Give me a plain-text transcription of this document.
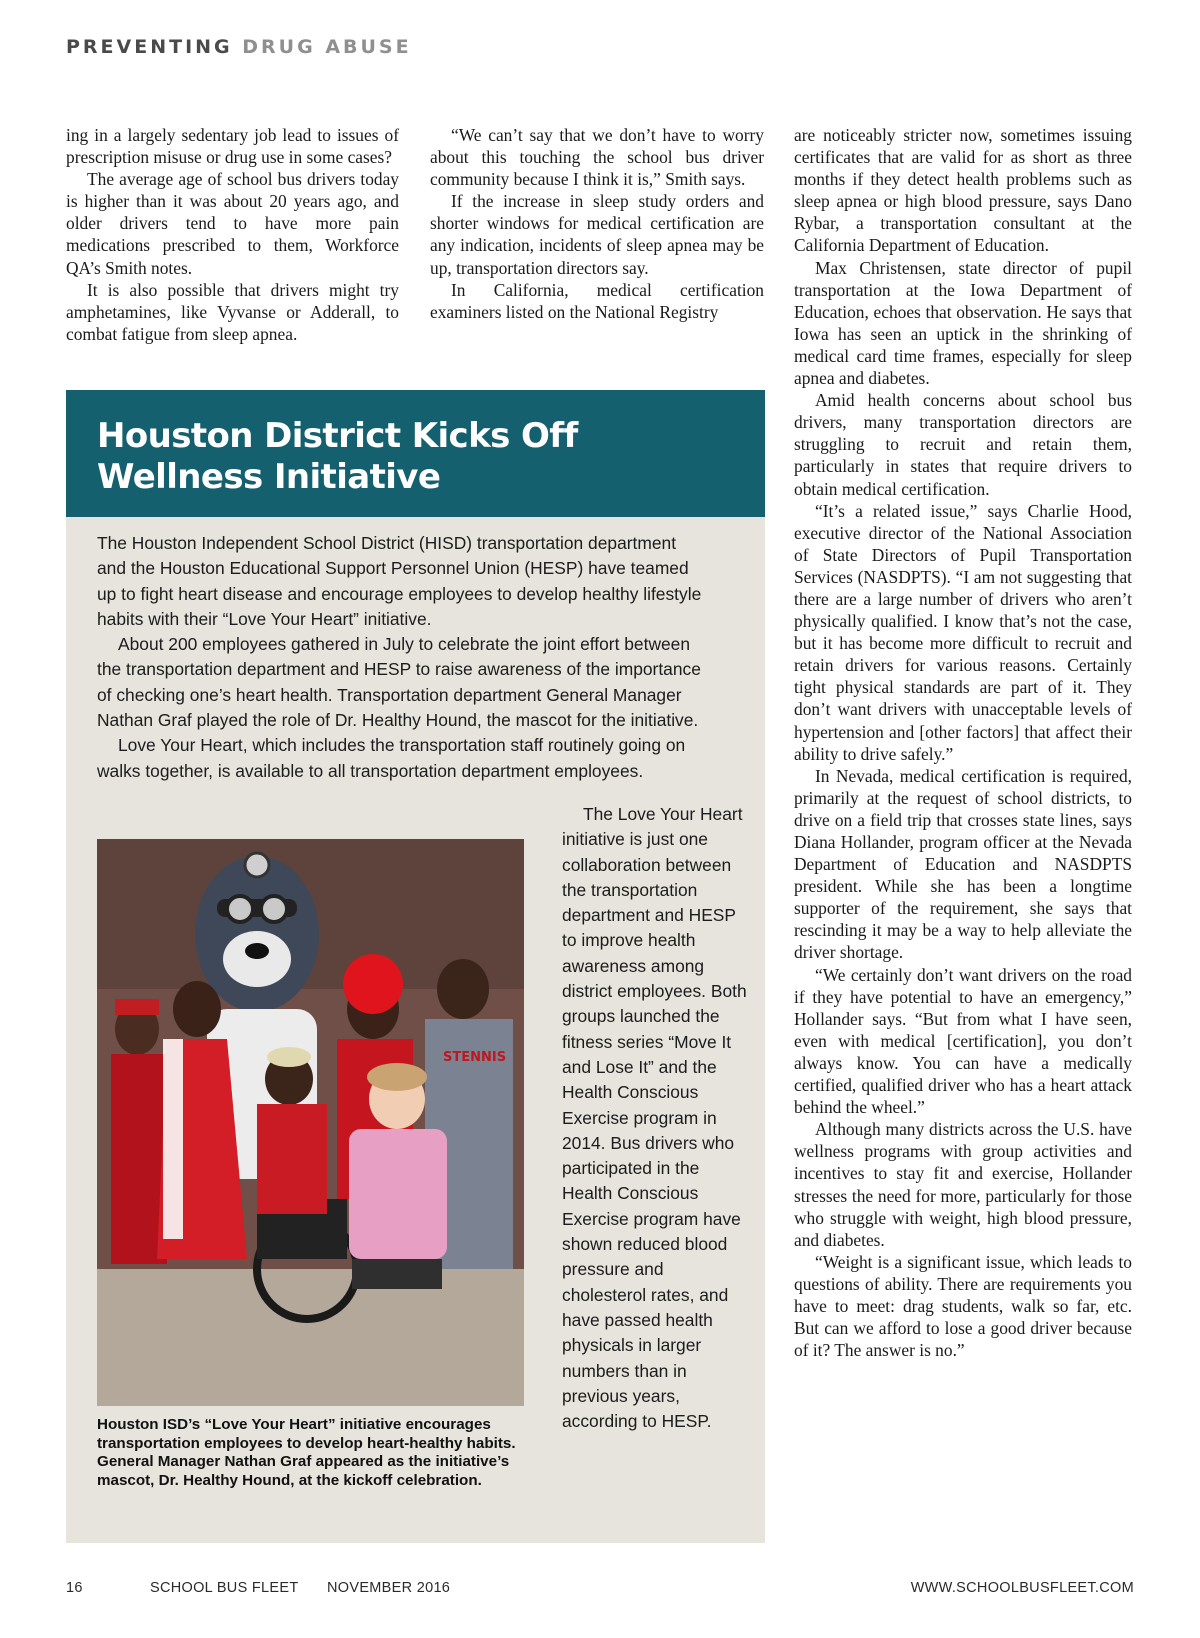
PREVENTING DRUG ABUSE

ing in a largely sedentary job lead to issues of prescription misuse or drug use in some cases?

The average age of school bus drivers today is higher than it was about 20 years ago, and older drivers tend to have more pain medications prescribed to them, Workforce QA’s Smith notes.

It is also possible that drivers might try amphetamines, like Vyvanse or Adderall, to combat fatigue from sleep apnea.

“We can’t say that we don’t have to worry about this touching the school bus driver community because I think it is,” Smith says.

If the increase in sleep study orders and shorter windows for medical certification are any indication, incidents of sleep apnea may be up, transportation directors say.

In California, medical certification examiners listed on the National Registry

are noticeably stricter now, sometimes issuing certificates that are valid for as short as three months if they detect health problems such as sleep apnea or high blood pressure, says Dano Rybar, a transportation consultant at the California Department of Education.

Max Christensen, state director of pupil transportation at the Iowa Department of Education, echoes that observation. He says that Iowa has seen an uptick in the shrinking of medical card time frames, especially for sleep apnea and diabetes.

Amid health concerns about school bus drivers, many transportation directors are struggling to recruit and retain them, particularly in states that require drivers to obtain medical certification.

“It’s a related issue,” says Charlie Hood, executive director of the National Association of State Directors of Pupil Transportation Services (NASDPTS). “I am not suggesting that there are a large number of drivers who aren’t physically qualified. I know that’s not the case, but it has become more difficult to recruit and retain drivers for various reasons. Certainly tight physical standards are part of it. They don’t want drivers with unacceptable levels of hypertension and [other factors] that affect their ability to drive safely.”

In Nevada, medical certification is required, primarily at the request of school districts, to drive on a field trip that crosses state lines, says Diana Hollander, program officer at the Nevada Department of Education and NASDPTS president. While she has been a longtime supporter of the requirement, she says that rescinding it may be a way to help alleviate the driver shortage.

“We certainly don’t want drivers on the road if they have potential to have an emergency,” Hollander says. “But from what I have seen, even with medical [certification], you don’t always know. You can have a medically certified, qualified driver who has a heart attack behind the wheel.”

Although many districts across the U.S. have wellness programs with group activities and incentives to stay fit and exercise, Hollander stresses the need for more, particularly for those who struggle with weight, high blood pressure, and diabetes.

“Weight is a significant issue, which leads to questions of ability. There are requirements you have to meet: drag students, walk so far, etc. But can we afford to lose a good driver because of it? The answer is no.”

Houston District Kicks Off Wellness Initiative

The Houston Independent School District (HISD) transportation department and the Houston Educational Support Personnel Union (HESP) have teamed up to fight heart disease and encourage employees to develop healthy lifestyle habits with their “Love Your Heart” initiative.

About 200 employees gathered in July to celebrate the joint effort between the transportation department and HESP to raise awareness of the importance of checking one’s heart health. Transportation department General Manager Nathan Graf played the role of Dr. Healthy Hound, the mascot for the initiative.

Love Your Heart, which includes the transportation staff routinely going on walks together, is available to all transportation department employees.

STENNIS

Houston ISD’s “Love Your Heart” initiative encourages transportation employees to develop heart-healthy habits. General Manager Nathan Graf appeared as the initiative’s mascot, Dr. Healthy Hound, at the kickoff celebration.

The Love Your Heart initiative is just one collaboration between the transportation department and HESP to improve health awareness among district employees. Both groups launched the fitness series “Move It and Lose It” and the Health Conscious Exercise program in 2014. Bus drivers who participated in the Health Conscious Exercise program have shown reduced blood pressure and cholesterol rates, and have passed health physicals in larger numbers than in previous years, according to HESP.

16	SCHOOL BUS FLEET NOVEMBER 2016	WWW.SCHOOLBUSFLEET.COM
